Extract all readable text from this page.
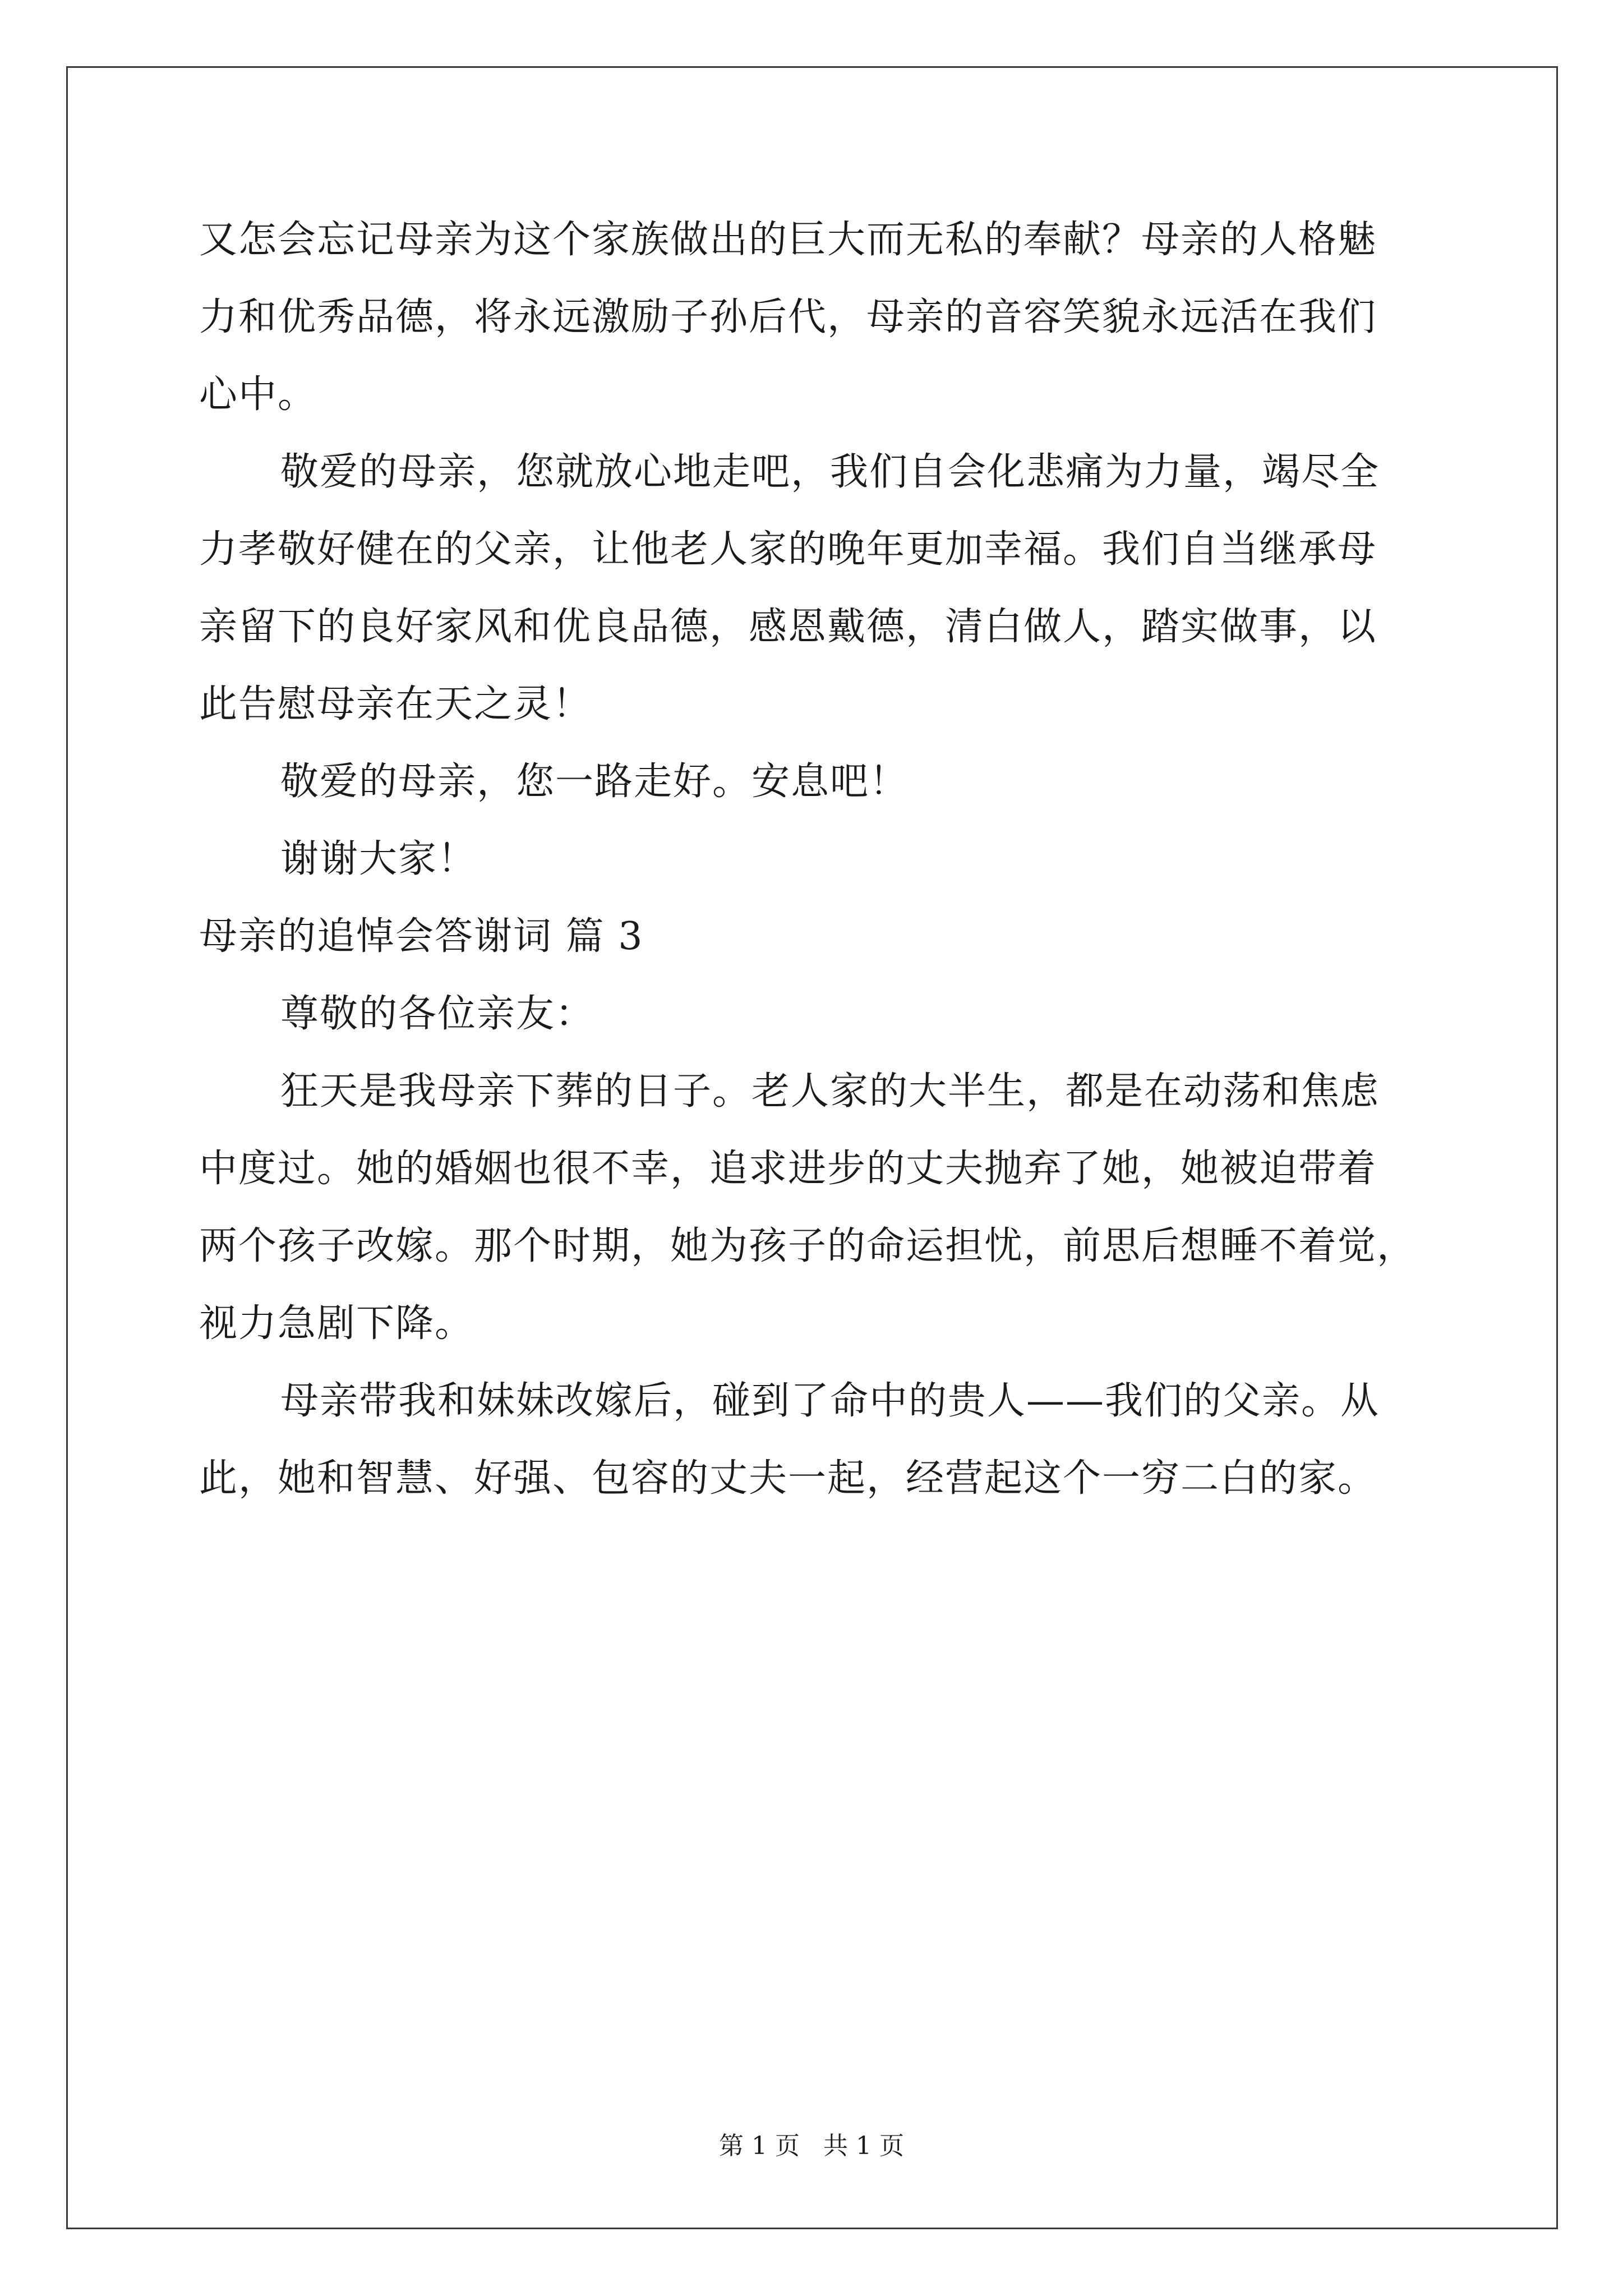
又怎会忘记母亲为这个家族做出的巨大而无私的奉献？母亲的人格魅
力和优秀品德，将永远激励子孙后代，母亲的音容笑貌永远活在我们
心中。
敬爱的母亲，您就放心地走吧，我们自会化悲痛为力量，竭尽全
力孝敬好健在的父亲，让他老人家的晚年更加幸福。我们自当继承母
亲留下的良好家风和优良品德，感恩戴德，清白做人，踏实做事，以
此告慰母亲在天之灵！
敬爱的母亲，您一路走好。安息吧！
谢谢大家！
母亲的追悼会答谢词 篇 3
尊敬的各位亲友：
狂天是我母亲下葬的日子。老人家的大半生，都是在动荡和焦虑
中度过。她的婚姻也很不幸，追求进步的丈夫抛弃了她，她被迫带着
两个孩子改嫁。那个时期，她为孩子的命运担忧，前思后想睡不着觉，
视力急剧下降。
母亲带我和妹妹改嫁后，碰到了命中的贵人——我们的父亲。从
此，她和智慧、好强、包容的丈夫一起，经营起这个一穷二白的家。
第 1 页 共 1 页
